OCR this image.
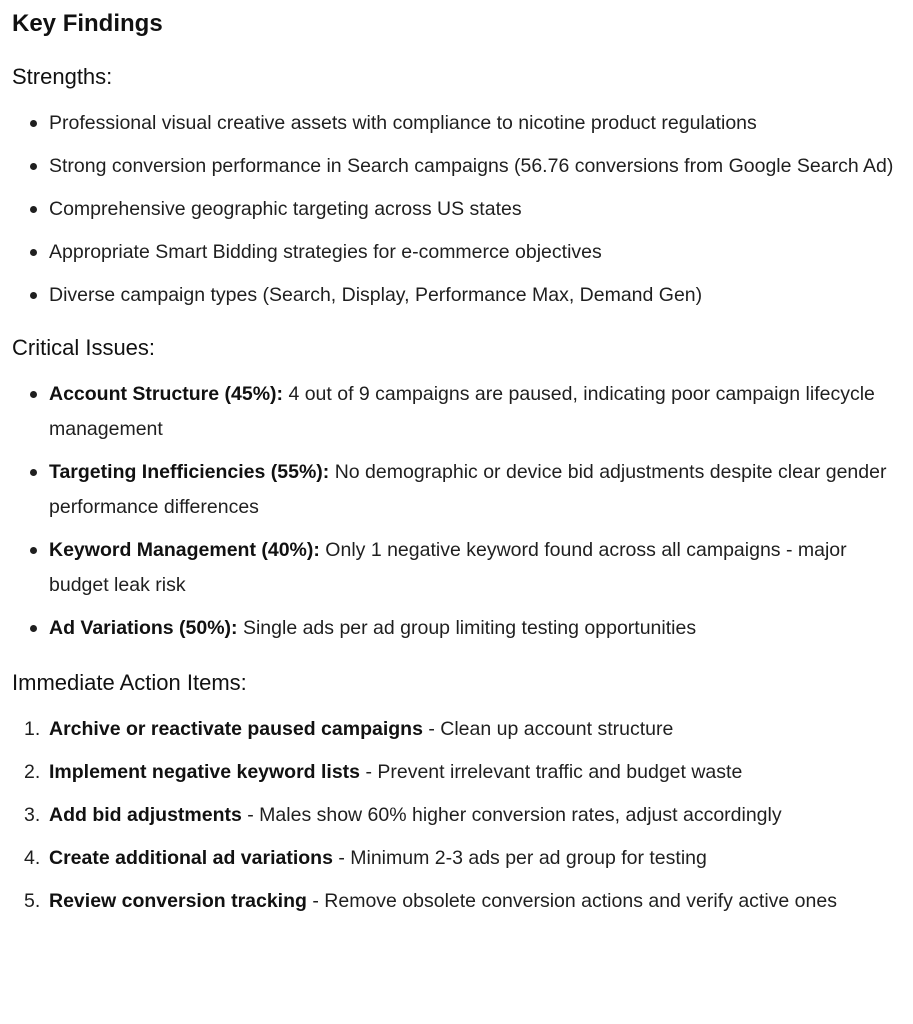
Key Findings
Strengths:
Professional visual creative assets with compliance to nicotine product regulations
Strong conversion performance in Search campaigns (56.76 conversions from Google Search Ad)
Comprehensive geographic targeting across US states
Appropriate Smart Bidding strategies for e-commerce objectives
Diverse campaign types (Search, Display, Performance Max, Demand Gen)
Critical Issues:
Account Structure (45%): 4 out of 9 campaigns are paused, indicating poor campaign lifecycle management
Targeting Inefficiencies (55%): No demographic or device bid adjustments despite clear gender performance differences
Keyword Management (40%): Only 1 negative keyword found across all campaigns - major budget leak risk
Ad Variations (50%): Single ads per ad group limiting testing opportunities
Immediate Action Items:
1. Archive or reactivate paused campaigns - Clean up account structure
2. Implement negative keyword lists - Prevent irrelevant traffic and budget waste
3. Add bid adjustments - Males show 60% higher conversion rates, adjust accordingly
4. Create additional ad variations - Minimum 2-3 ads per ad group for testing
5. Review conversion tracking - Remove obsolete conversion actions and verify active ones
